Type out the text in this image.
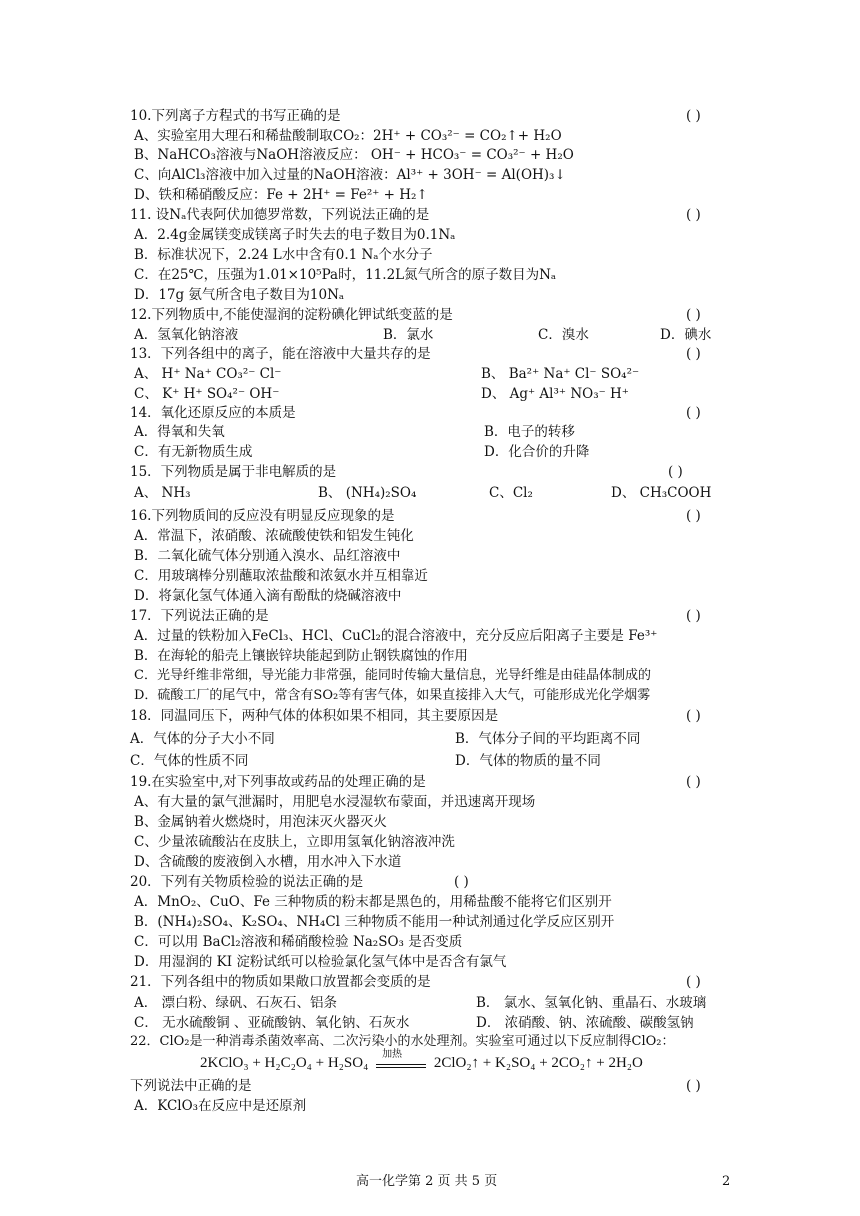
10.下列离子方程式的书写正确的是	( )
A、实验室用大理石和稀盐酸制取CO₂：2H⁺ + CO₃²⁻ = CO₂↑+ H₂O
B、NaHCO₃溶液与NaOH溶液反应： OH⁻ + HCO₃⁻ = CO₃²⁻ + H₂O
C、向AlCl₃溶液中加入过量的NaOH溶液：Al³⁺ + 3OH⁻ = Al(OH)₃↓
D、铁和稀硝酸反应：Fe + 2H⁺ = Fe²⁺ + H₂↑
11. 设Nₐ代表阿伏加德罗常数，下列说法正确的是	( )
A．2.4g金属镁变成镁离子时失去的电子数目为0.1Nₐ
B．标准状况下，2.24 L水中含有0.1 Nₐ个水分子
C．在25℃，压强为1.01×10⁵Pa时，11.2L氮气所含的原子数目为Nₐ
D．17g 氨气所含电子数目为10Nₐ
12.下列物质中,不能使湿润的淀粉碘化钾试纸变蓝的是	( )
A．氢氧化钠溶液	B．氯水	C．溴水	D．碘水
13．下列各组中的离子，能在溶液中大量共存的是	( )
A、 H⁺ Na⁺ CO₃²⁻ Cl⁻	B、 Ba²⁺ Na⁺ Cl⁻ SO₄²⁻
C、 K⁺ H⁺ SO₄²⁻ OH⁻	D、 Ag⁺ Al³⁺ NO₃⁻ H⁺
14．氧化还原反应的本质是	( )
A．得氧和失氧	B．电子的转移
C．有无新物质生成	D．化合价的升降
15．下列物质是属于非电解质的是	( )
A、 NH₃	B、 (NH₄)₂SO₄	C、Cl₂	D、 CH₃COOH
16.下列物质间的反应没有明显反应现象的是	( )
A．常温下，浓硝酸、浓硫酸使铁和铝发生钝化
B．二氧化硫气体分别通入溴水、品红溶液中
C．用玻璃棒分别蘸取浓盐酸和浓氨水并互相靠近
D．将氯化氢气体通入滴有酚酞的烧碱溶液中
17．下列说法正确的是	( )
A．过量的铁粉加入FeCl₃、HCl、CuCl₂的混合溶液中，充分反应后阳离子主要是 Fe³⁺
B．在海轮的船壳上镶嵌锌块能起到防止钢铁腐蚀的作用
C．光导纤维非常细，导光能力非常强，能同时传输大量信息，光导纤维是由硅晶体制成的
D．硫酸工厂的尾气中，常含有SO₂等有害气体，如果直接排入大气，可能形成光化学烟雾
18．同温同压下，两种气体的体积如果不相同，其主要原因是	( )
A．气体的分子大小不同	B．气体分子间的平均距离不同
C．气体的性质不同	D．气体的物质的量不同
19.在实验室中,对下列事故或药品的处理正确的是	( )
A、有大量的氯气泄漏时，用肥皂水浸湿软布蒙面，并迅速离开现场
B、金属钠着火燃烧时，用泡沫灭火器灭火
C、少量浓硫酸沾在皮肤上，立即用氢氧化钠溶液冲洗
D、含硫酸的废液倒入水槽，用水冲入下水道
20．下列有关物质检验的说法正确的是	( )
A．MnO₂、CuO、Fe 三种物质的粉末都是黑色的，用稀盐酸不能将它们区别开
B．(NH₄)₂SO₄、K₂SO₄、NH₄Cl 三种物质不能用一种试剂通过化学反应区别开
C．可以用 BaCl₂溶液和稀硝酸检验 Na₂SO₃ 是否变质
D．用湿润的 KI 淀粉试纸可以检验氯化氢气体中是否含有氯气
21．下列各组中的物质如果敞口放置都会变质的是	( )
A． 漂白粉、绿矾、石灰石、铝条	B． 氯水、氢氧化钠、重晶石、水玻璃
C． 无水硫酸铜 、亚硫酸钠、氧化钠、石灰水	D． 浓硝酸、钠、浓硫酸、碳酸氢钠
22．ClO₂是一种消毒杀菌效率高、二次污染小的水处理剂。实验室可通过以下反应制得ClO₂：
2KClO₃ + H₂C₂O₄ + H₂SO₄
加热
2ClO₂↑ + K₂SO₄ + 2CO₂↑ + 2H₂O
下列说法中正确的是	( )
A．KClO₃在反应中是还原剂
高一化学第 2 页 共 5 页	2
